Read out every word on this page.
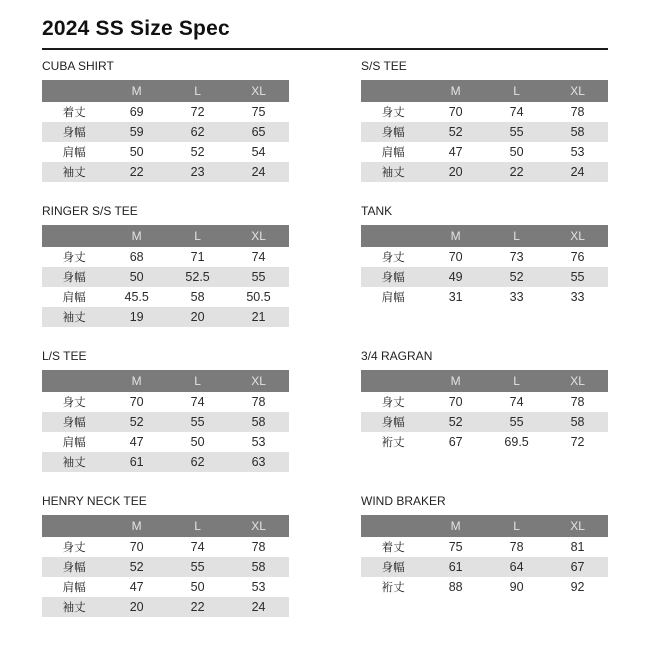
2024 SS Size Spec
CUBA SHIRT
	M	L	XL
着丈	69	72	75
身幅	59	62	65
肩幅	50	52	54
袖丈	22	23	24
S/S TEE
	M	L	XL
身丈	70	74	78
身幅	52	55	58
肩幅	47	50	53
袖丈	20	22	24
RINGER S/S TEE
	M	L	XL
身丈	68	71	74
身幅	50	52.5	55
肩幅	45.5	58	50.5
袖丈	19	20	21
TANK
	M	L	XL
身丈	70	73	76
身幅	49	52	55
肩幅	31	33	33
L/S TEE
	M	L	XL
身丈	70	74	78
身幅	52	55	58
肩幅	47	50	53
袖丈	61	62	63
3/4 RAGRAN
	M	L	XL
身丈	70	74	78
身幅	52	55	58
裄丈	67	69.5	72
HENRY NECK TEE
	M	L	XL
身丈	70	74	78
身幅	52	55	58
肩幅	47	50	53
袖丈	20	22	24
WIND BRAKER
	M	L	XL
着丈	75	78	81
身幅	61	64	67
裄丈	88	90	92
